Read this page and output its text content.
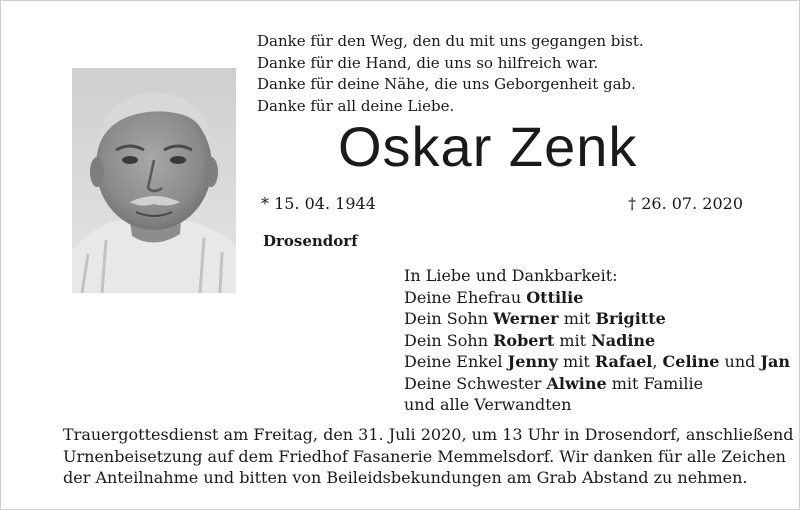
Danke für den Weg, den du mit uns gegangen bist.
Danke für die Hand, die uns so hilfreich war.
Danke für deine Nähe, die uns Geborgenheit gab.
Danke für all deine Liebe.
Oskar Zenk
* 15. 04. 1944	† 26. 07. 2020
Drosendorf
In Liebe und Dankbarkeit:
Deine Ehefrau Ottilie
Dein Sohn Werner mit Brigitte
Dein Sohn Robert mit Nadine
Deine Enkel Jenny mit Rafael, Celine und Jan
Deine Schwester Alwine mit Familie
und alle Verwandten
Trauergottesdienst am Freitag, den 31. Juli 2020, um 13 Uhr in Drosendorf, anschließend
Urnenbeisetzung auf dem Friedhof Fasanerie Memmelsdorf. Wir danken für alle Zeichen
der Anteilnahme und bitten von Beileidsbekundungen am Grab Abstand zu nehmen.
